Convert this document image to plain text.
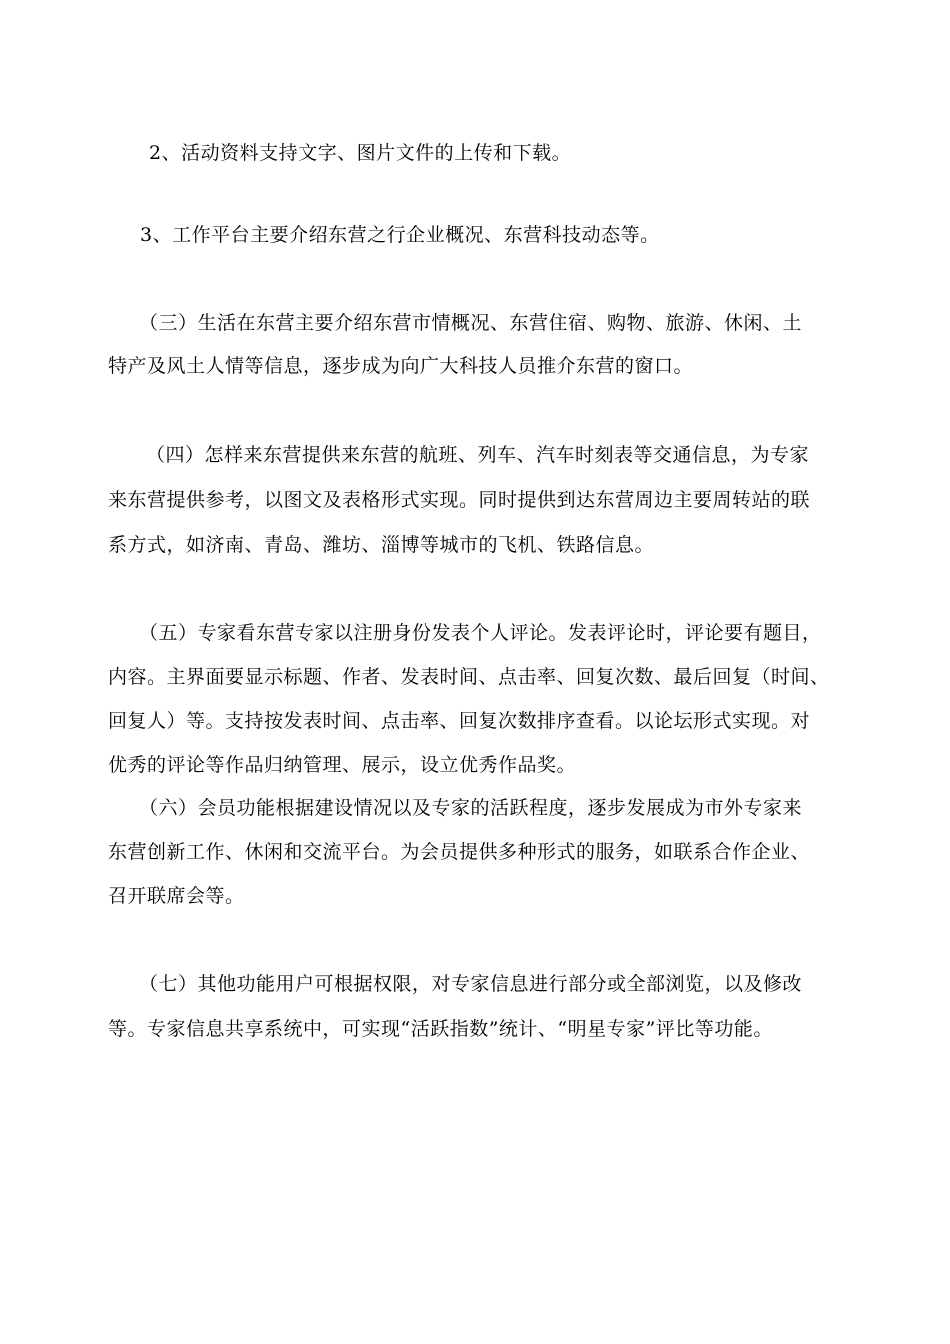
2、活动资料支持文字、图片文件的上传和下载。
3、工作平台主要介绍东营之行企业概况、东营科技动态等。
（三）生活在东营主要介绍东营市情概况、东营住宿、购物、旅游、休闲、土
特产及风土人情等信息，逐步成为向广大科技人员推介东营的窗口。
（四）怎样来东营提供来东营的航班、列车、汽车时刻表等交通信息，为专家
来东营提供参考，以图文及表格形式实现。同时提供到达东营周边主要周转站的联
系方式，如济南、青岛、潍坊、淄博等城市的飞机、铁路信息。
（五）专家看东营专家以注册身份发表个人评论。发表评论时，评论要有题目，
内容。主界面要显示标题、作者、发表时间、点击率、回复次数、最后回复（时间、
回复人）等。支持按发表时间、点击率、回复次数排序查看。以论坛形式实现。对
优秀的评论等作品归纳管理、展示，设立优秀作品奖。
（六）会员功能根据建设情况以及专家的活跃程度，逐步发展成为市外专家来
东营创新工作、休闲和交流平台。为会员提供多种形式的服务，如联系合作企业、
召开联席会等。
（七）其他功能用户可根据权限，对专家信息进行部分或全部浏览，以及修改
等。专家信息共享系统中，可实现“活跃指数”统计、“明星专家”评比等功能。
